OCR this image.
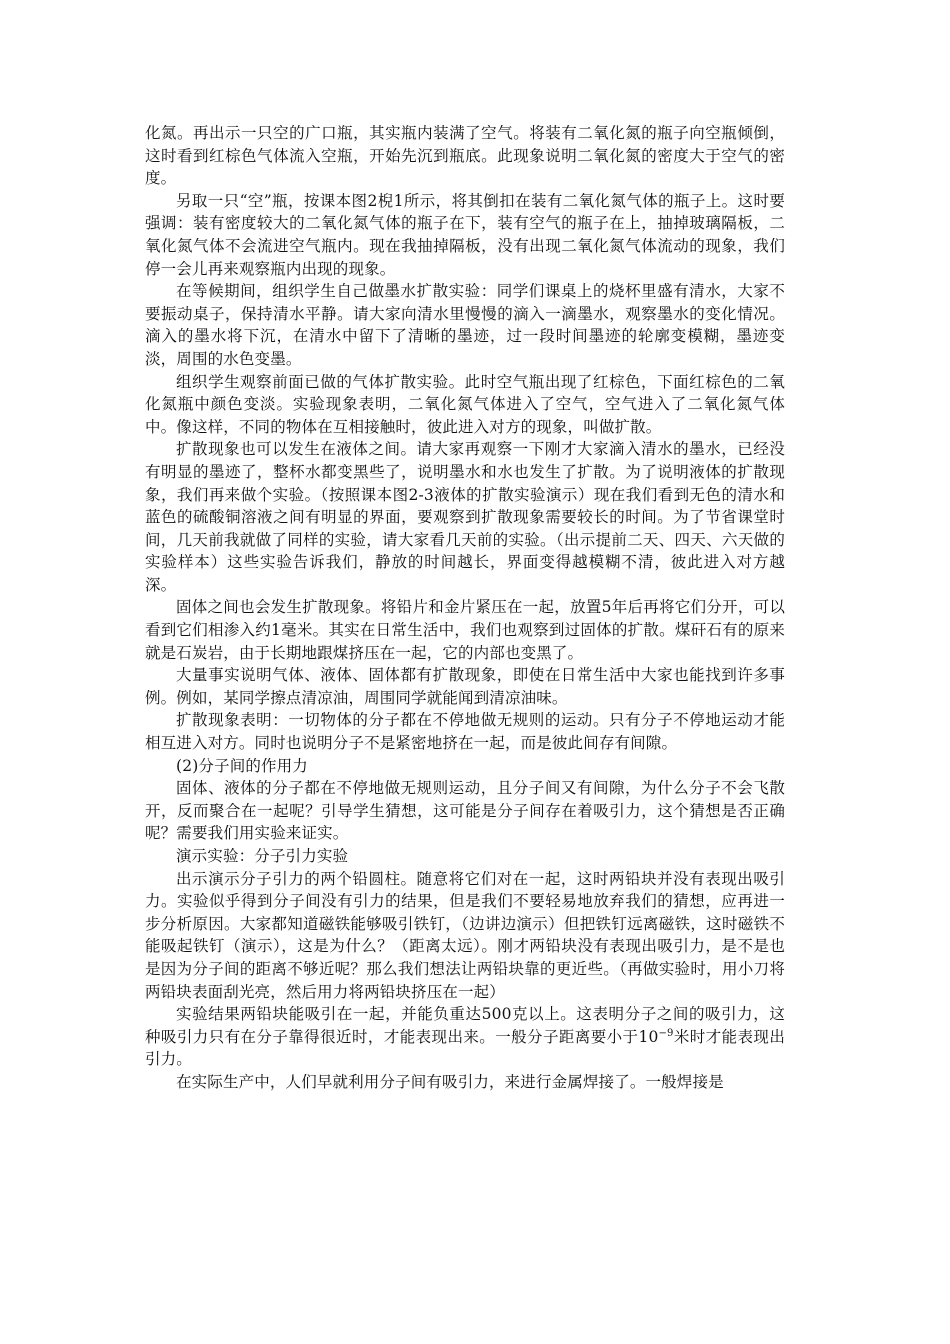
化氮。再出示一只空的广口瓶，其实瓶内装满了空气。将装有二氧化氮的瓶子向空瓶倾倒，这时看到红棕色气体流入空瓶，开始先沉到瓶底。此现象说明二氧化氮的密度大于空气的密度。

另取一只“空”瓶，按课本图2棿1所示，将其倒扣在装有二氧化氮气体的瓶子上。这时要强调：装有密度较大的二氧化氮气体的瓶子在下，装有空气的瓶子在上，抽掉玻璃隔板，二氧化氮气体不会流进空气瓶内。现在我抽掉隔板，没有出现二氧化氮气体流动的现象，我们停一会儿再来观察瓶内出现的现象。

在等候期间，组织学生自己做墨水扩散实验：同学们课桌上的烧杯里盛有清水，大家不要振动桌子，保持清水平静。请大家向清水里慢慢的滴入一滴墨水，观察墨水的变化情况。滴入的墨水将下沉，在清水中留下了清晰的墨迹，过一段时间墨迹的轮廓变模糊，墨迹变淡，周围的水色变墨。

组织学生观察前面已做的气体扩散实验。此时空气瓶出现了红棕色，下面红棕色的二氧化氮瓶中颜色变淡。实验现象表明，二氧化氮气体进入了空气，空气进入了二氧化氮气体中。像这样，不同的物体在互相接触时，彼此进入对方的现象，叫做扩散。

扩散现象也可以发生在液体之间。请大家再观察一下刚才大家滴入清水的墨水，已经没有明显的墨迹了，整杯水都变黑些了，说明墨水和水也发生了扩散。为了说明液体的扩散现象，我们再来做个实验。（按照课本图2-3液体的扩散实验演示）现在我们看到无色的清水和蓝色的硫酸铜溶液之间有明显的界面，要观察到扩散现象需要较长的时间。为了节省课堂时间，几天前我就做了同样的实验，请大家看几天前的实验。（出示提前二天、四天、六天做的实验样本）这些实验告诉我们，静放的时间越长，界面变得越模糊不清，彼此进入对方越深。

固体之间也会发生扩散现象。将铅片和金片紧压在一起，放置5年后再将它们分开，可以看到它们相渗入约1毫米。其实在日常生活中，我们也观察到过固体的扩散。煤矸石有的原来就是石炭岩，由于长期地跟煤挤压在一起，它的内部也变黑了。

大量事实说明气体、液体、固体都有扩散现象，即使在日常生活中大家也能找到许多事例。例如，某同学擦点清凉油，周围同学就能闻到清凉油味。

扩散现象表明：一切物体的分子都在不停地做无规则的运动。只有分子不停地运动才能相互进入对方。同时也说明分子不是紧密地挤在一起，而是彼此间存有间隙。

(2)分子间的作用力

固体、液体的分子都在不停地做无规则运动，且分子间又有间隙，为什么分子不会飞散开，反而聚合在一起呢？引导学生猜想，这可能是分子间存在着吸引力，这个猜想是否正确呢？需要我们用实验来证实。

演示实验：分子引力实验

出示演示分子引力的两个铅圆柱。随意将它们对在一起，这时两铅块并没有表现出吸引力。实验似乎得到分子间没有引力的结果，但是我们不要轻易地放弃我们的猜想，应再进一步分析原因。大家都知道磁铁能够吸引铁钉，（边讲边演示）但把铁钉远离磁铁，这时磁铁不能吸起铁钉（演示），这是为什么？（距离太远）。刚才两铅块没有表现出吸引力，是不是也是因为分子间的距离不够近呢？那么我们想法让两铅块靠的更近些。（再做实验时，用小刀将两铅块表面刮光亮，然后用力将两铅块挤压在一起）

实验结果两铅块能吸引在一起，并能负重达500克以上。这表明分子之间的吸引力，这种吸引力只有在分子靠得很近时，才能表现出来。一般分子距离要小于$10^{-9}$米时才能表现出引力。

在实际生产中，人们早就利用分子间有吸引力，来进行金属焊接了。一般焊接是
